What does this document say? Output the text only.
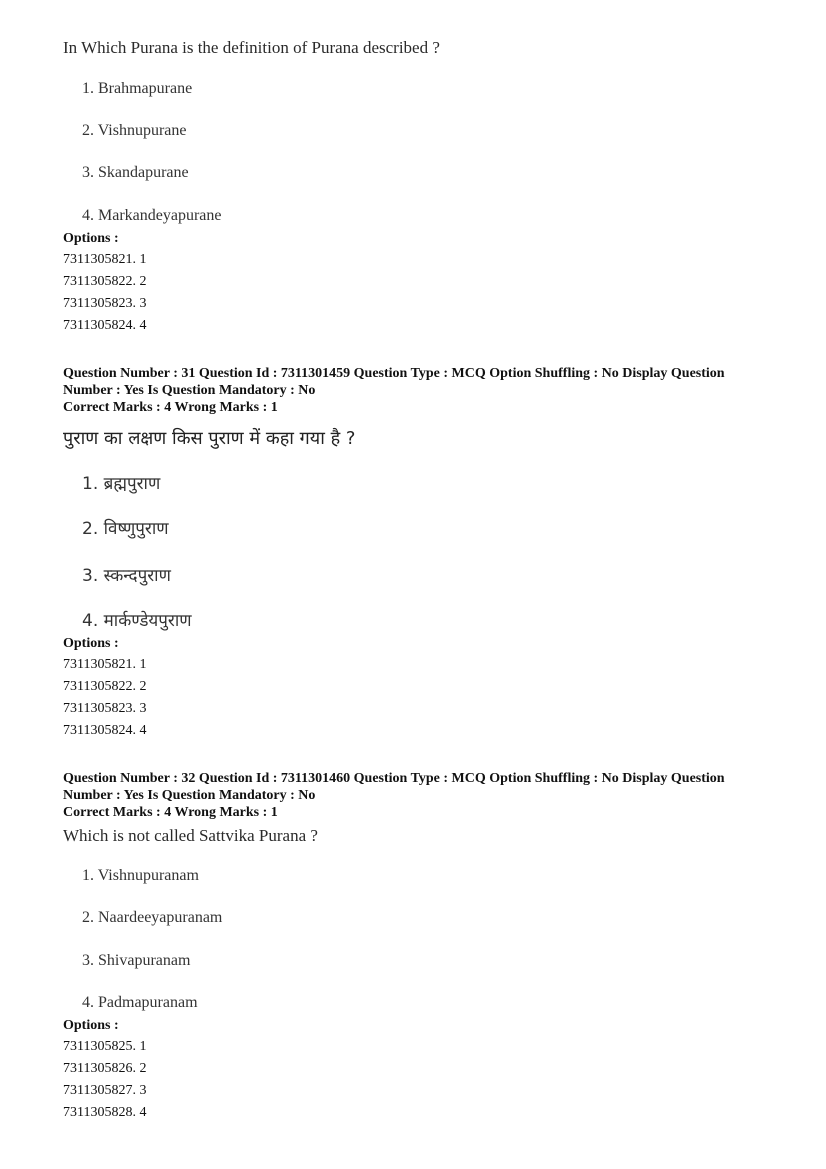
In Which Purana is the definition of Purana described ?
1. Brahmapurane
2. Vishnupurane
3. Skandapurane
4. Markandeyapurane
Options :
7311305821. 1
7311305822. 2
7311305823. 3
7311305824. 4
Question Number : 31 Question Id : 7311301459 Question Type : MCQ Option Shuffling : No Display Question
Number : Yes Is Question Mandatory : No
Correct Marks : 4 Wrong Marks : 1
पुराण का लक्षण किस पुराण में कहा गया है ?
1. ब्रह्मपुराण
2. विष्णुपुराण
3. स्कन्दपुराण
4. मार्कण्डेयपुराण
Options :
7311305821. 1
7311305822. 2
7311305823. 3
7311305824. 4
Question Number : 32 Question Id : 7311301460 Question Type : MCQ Option Shuffling : No Display Question
Number : Yes Is Question Mandatory : No
Correct Marks : 4 Wrong Marks : 1
Which is not called Sattvika Purana ?
1. Vishnupuranam
2. Naardeeyapuranam
3. Shivapuranam
4. Padmapuranam
Options :
7311305825. 1
7311305826. 2
7311305827. 3
7311305828. 4
